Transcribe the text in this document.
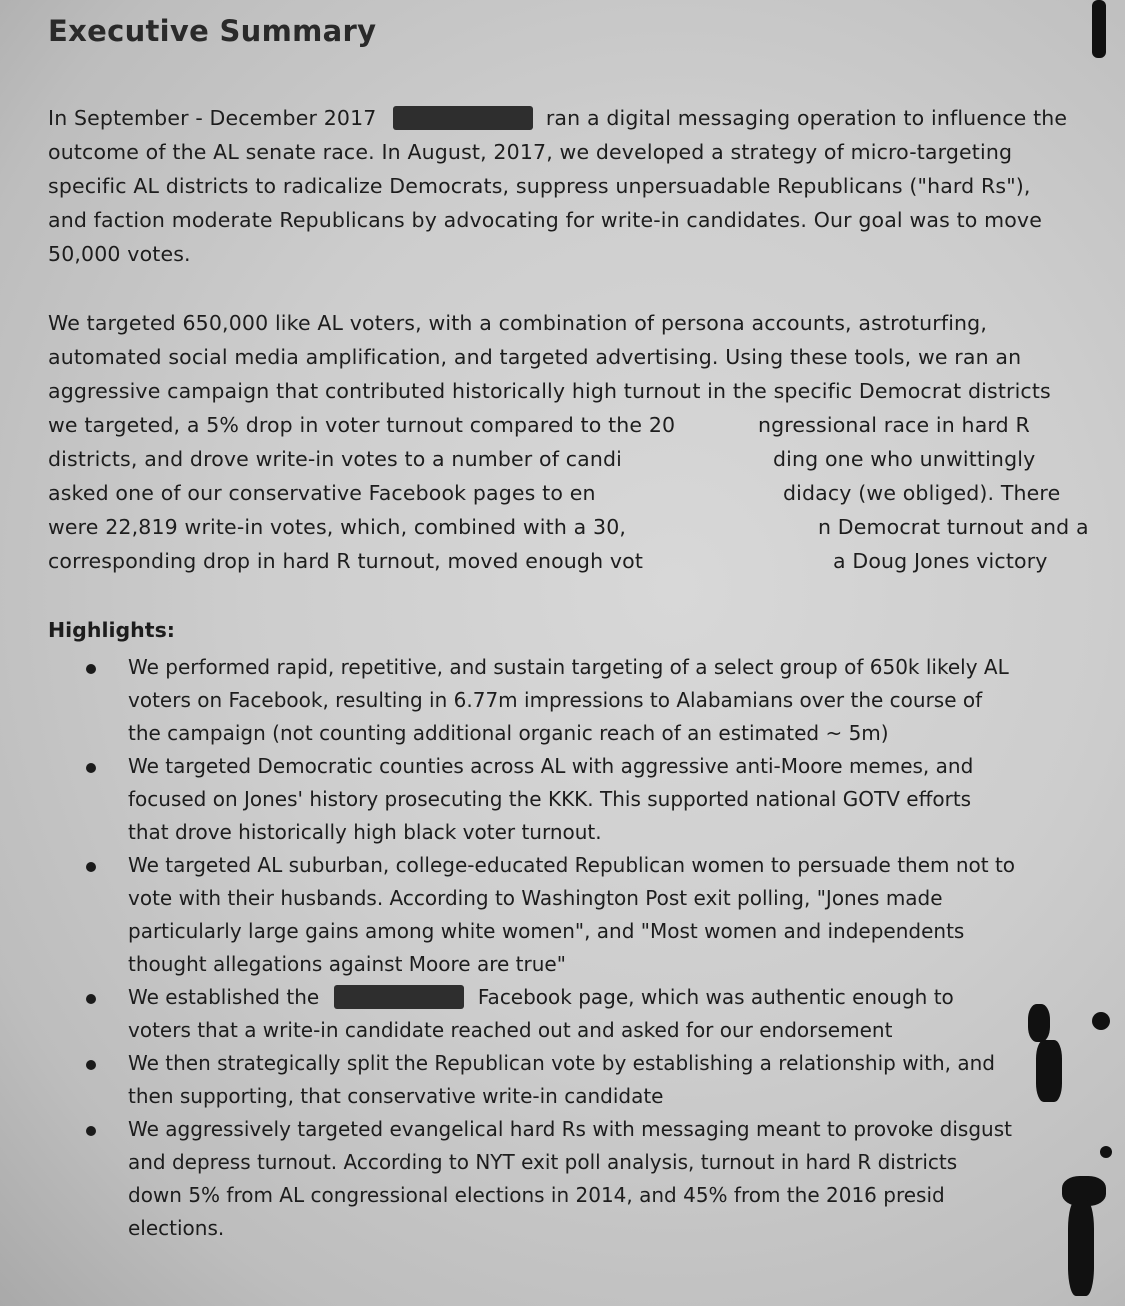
Executive Summary
In September - December 2017	ran a digital messaging operation to influence the
outcome of the AL senate race. In August, 2017, we developed a strategy of micro-targeting
specific AL districts to radicalize Democrats, suppress unpersuadable Republicans ("hard Rs"),
and faction moderate Republicans by advocating for write-in candidates. Our goal was to move
50,000 votes.
We targeted 650,000 like AL voters, with a combination of persona accounts, astroturfing,
automated social media amplification, and targeted advertising. Using these tools, we ran an
aggressive campaign that contributed historically high turnout in the specific Democrat districts
we targeted, a 5% drop in voter turnout compared to the 20	ngressional race in hard R
districts, and drove write-in votes to a number of candi	ding one who unwittingly
asked one of our conservative Facebook pages to en	didacy (we obliged). There
were 22,819 write-in votes, which, combined with a 30,	n Democrat turnout and a
corresponding drop in hard R turnout, moved enough vot	a Doug Jones victory
Highlights:
We performed rapid, repetitive, and sustain targeting of a select group of 650k likely AL
voters on Facebook, resulting in 6.77m impressions to Alabamians over the course of
the campaign (not counting additional organic reach of an estimated ~ 5m)
We targeted Democratic counties across AL with aggressive anti-Moore memes, and
focused on Jones' history prosecuting the KKK. This supported national GOTV efforts
that drove historically high black voter turnout.
We targeted AL suburban, college-educated Republican women to persuade them not to
vote with their husbands. According to Washington Post exit polling, "Jones made
particularly large gains among white women", and "Most women and independents
thought allegations against Moore are true"
We established the	Facebook page, which was authentic enough to
voters that a write-in candidate reached out and asked for our endorsement
We then strategically split the Republican vote by establishing a relationship with, and
then supporting, that conservative write-in candidate
We aggressively targeted evangelical hard Rs with messaging meant to provoke disgust
and depress turnout. According to NYT exit poll analysis, turnout in hard R districts
down 5% from AL congressional elections in 2014, and 45% from the 2016 presid
elections.
